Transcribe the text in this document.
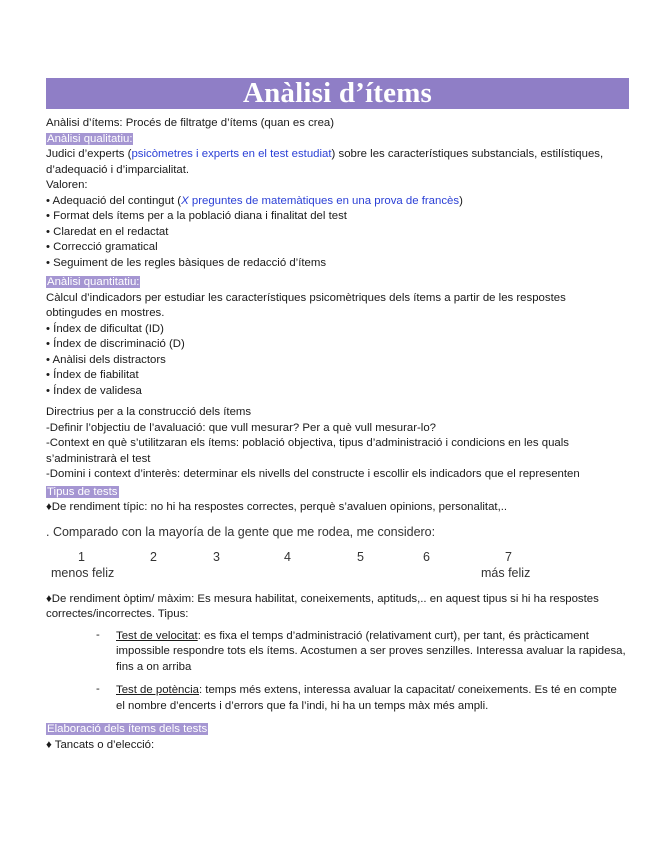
Anàlisi d’ítems
Anàlisi d’ítems: Procés de filtratge d’ítems (quan es crea)
Anàlisi qualitatiu:
Judici d’experts (psicòmetres i experts en el test estudiat) sobre les característiques substancials, estilístiques,
d’adequació i d’imparcialitat.
Valoren:
• Adequació del contingut (X preguntes de matemàtiques en una prova de francès)
• Format dels ítems per a la població diana i finalitat del test
• Claredat en el redactat
• Correcció gramatical
• Seguiment de les regles bàsiques de redacció d’ítems
Anàlisi quantitatiu:
Càlcul d’indicadors per estudiar les característiques psicomètriques dels ítems a partir de les respostes
obtingudes en mostres.
• Índex de dificultat (ID)
• Índex de discriminació (D)
• Anàlisi dels distractors
• Índex de fiabilitat
• Índex de validesa
Directrius per a la construcció dels ítems
-Definir l’objectiu de l’avaluació: que vull mesurar? Per a què vull mesurar-lo?
-Context en què s’utilitzaran els ítems: població objectiva, tipus d’administració i condicions en les quals
s’administrarà el test
-Domini i context d’interès: determinar els nivells del constructe i escollir els indicadors que el representen
Tipus de tests
♦De rendiment típic: no hi ha respostes correctes, perquè s’avaluen opinions, personalitat,..
. Comparado con la mayoría de la gente que me rodea, me considero:
1	2	3	4	5	6	7
menos feliz	más feliz
♦De rendiment òptim/ màxim: Es mesura habilitat, coneixements, aptituds,.. en aquest tipus si hi ha respostes
correctes/incorrectes. Tipus:
- Test de velocitat: es fixa el temps d’administració (relativament curt), per tant, és pràcticament impossible respondre tots els ítems. Acostumen a ser proves senzilles. Interessa avaluar la rapidesa, fins a on arriba
- Test de potència: temps més extens, interessa avaluar la capacitat/ coneixements. Es té en compte el nombre d’encerts i d’errors que fa l’indi, hi ha un temps màx més ampli.
Elaboració dels ítems dels tests
♦ Tancats o d’elecció:
